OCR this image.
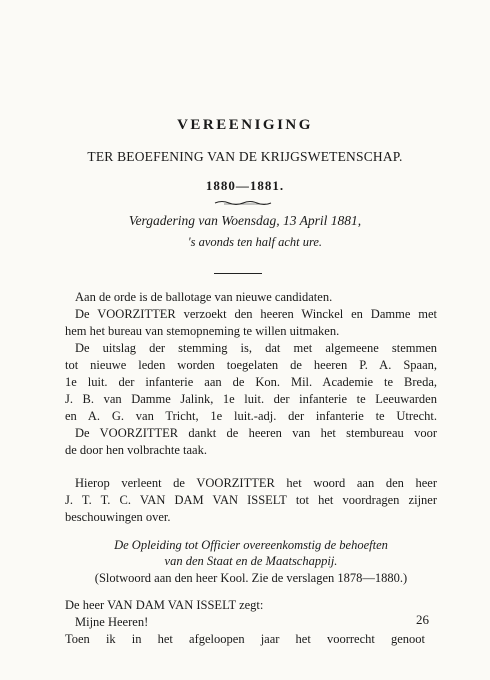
VEREENIGING
TER BEOEFENING VAN DE KRIJGSWETENSCHAP.
1880—1881.
Vergadering van Woensdag, 13 April 1881,
's avonds ten half acht ure.
Aan de orde is de ballotage van nieuwe candidaten.
De VOORZITTER verzoekt den heeren Winckel en Damme met
hem het bureau van stemopneming te willen uitmaken.
De uitslag der stemming is, dat met algemeene stemmen
tot nieuwe leden worden toegelaten de heeren P. A. Spaan,
1e luit. der infanterie aan de Kon. Mil. Academie te Breda,
J. B. van Damme Jalink, 1e luit. der infanterie te Leeuwarden
en A. G. van Tricht, 1e luit.-adj. der infanterie te Utrecht.
De VOORZITTER dankt de heeren van het stembureau voor
de door hen volbrachte taak.
Hierop verleent de VOORZITTER het woord aan den heer
J. T. T. C. VAN DAM VAN ISSELT tot het voordragen zijner
beschouwingen over.
De Opleiding tot Officier overeenkomstig de behoeften
van den Staat en de Maatschappij.
(Slotwoord aan den heer Kool. Zie de verslagen 1878—1880.)
De heer VAN DAM VAN ISSELT zegt:
Mijne Heeren!
Toen ik in het afgeloopen jaar het voorrecht genoot
26
